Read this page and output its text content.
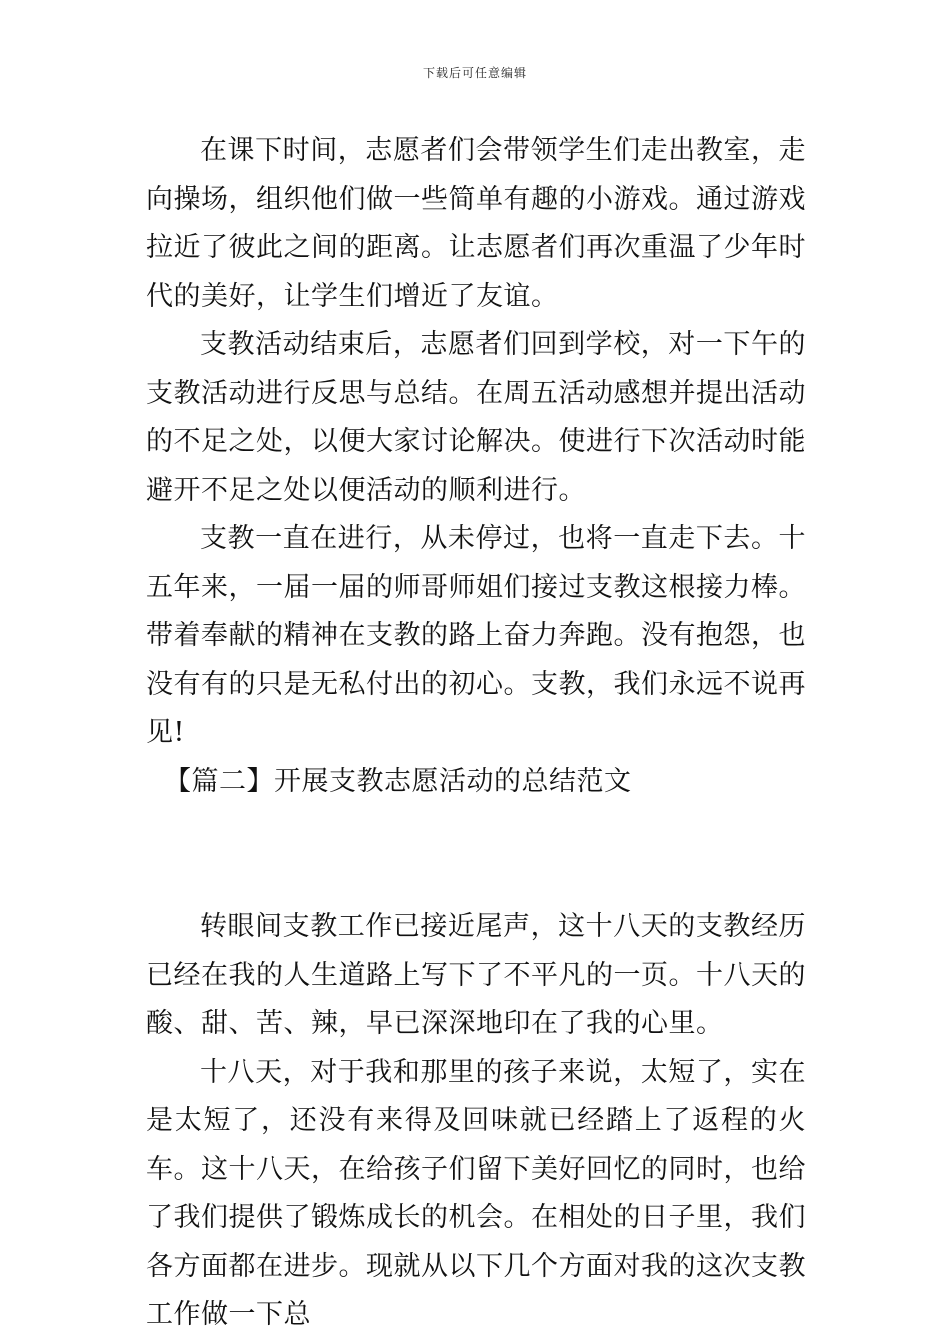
下载后可任意编辑

在课下时间，志愿者们会带领学生们走出教室，走向操场，组织他们做一些简单有趣的小游戏。通过游戏拉近了彼此之间的距离。让志愿者们再次重温了少年时代的美好，让学生们增近了友谊。

支教活动结束后，志愿者们回到学校，对一下午的支教活动进行反思与总结。在周五活动感想并提出活动的不足之处，以便大家讨论解决。使进行下次活动时能避开不足之处以便活动的顺利进行。

支教一直在进行，从未停过，也将一直走下去。十五年来，一届一届的师哥师姐们接过支教这根接力棒。带着奉献的精神在支教的路上奋力奔跑。没有抱怨，也没有有的只是无私付出的初心。支教，我们永远不说再见!

【篇二】开展支教志愿活动的总结范文

转眼间支教工作已接近尾声，这十八天的支教经历已经在我的人生道路上写下了不平凡的一页。十八天的酸、甜、苦、辣，早已深深地印在了我的心里。

十八天，对于我和那里的孩子来说，太短了，实在是太短了，还没有来得及回味就已经踏上了返程的火车。这十八天，在给孩子们留下美好回忆的同时，也给了我们提供了锻炼成长的机会。在相处的日子里，我们各方面都在进步。现就从以下几个方面对我的这次支教工作做一下总
